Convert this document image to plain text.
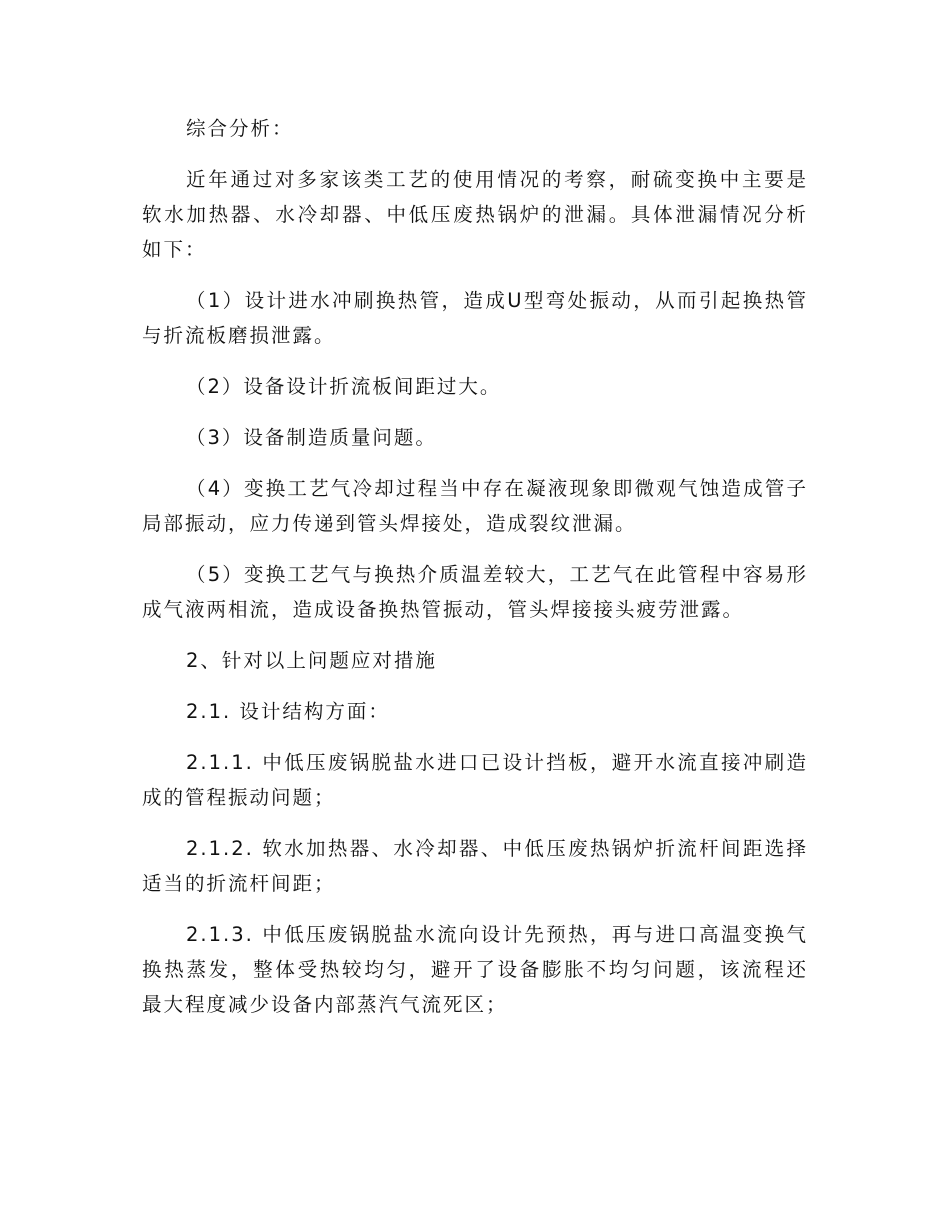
综合分析：

近年通过对多家该类工艺的使用情况的考察，耐硫变换中主要是软水加热器、水冷却器、中低压废热锅炉的泄漏。具体泄漏情况分析如下：

（1）设计进水冲刷换热管，造成U型弯处振动，从而引起换热管与折流板磨损泄露。

（2）设备设计折流板间距过大。

（3）设备制造质量问题。

（4）变换工艺气冷却过程当中存在凝液现象即微观气蚀造成管子局部振动，应力传递到管头焊接处，造成裂纹泄漏。

（5）变换工艺气与换热介质温差较大，工艺气在此管程中容易形成气液两相流，造成设备换热管振动，管头焊接接头疲劳泄露。

2、针对以上问题应对措施

2.1. 设计结构方面：

2.1.1. 中低压废锅脱盐水进口已设计挡板，避开水流直接冲刷造成的管程振动问题；

2.1.2. 软水加热器、水冷却器、中低压废热锅炉折流杆间距选择适当的折流杆间距；

2.1.3. 中低压废锅脱盐水流向设计先预热，再与进口高温变换气换热蒸发，整体受热较均匀，避开了设备膨胀不均匀问题，该流程还最大程度减少设备内部蒸汽气流死区；
